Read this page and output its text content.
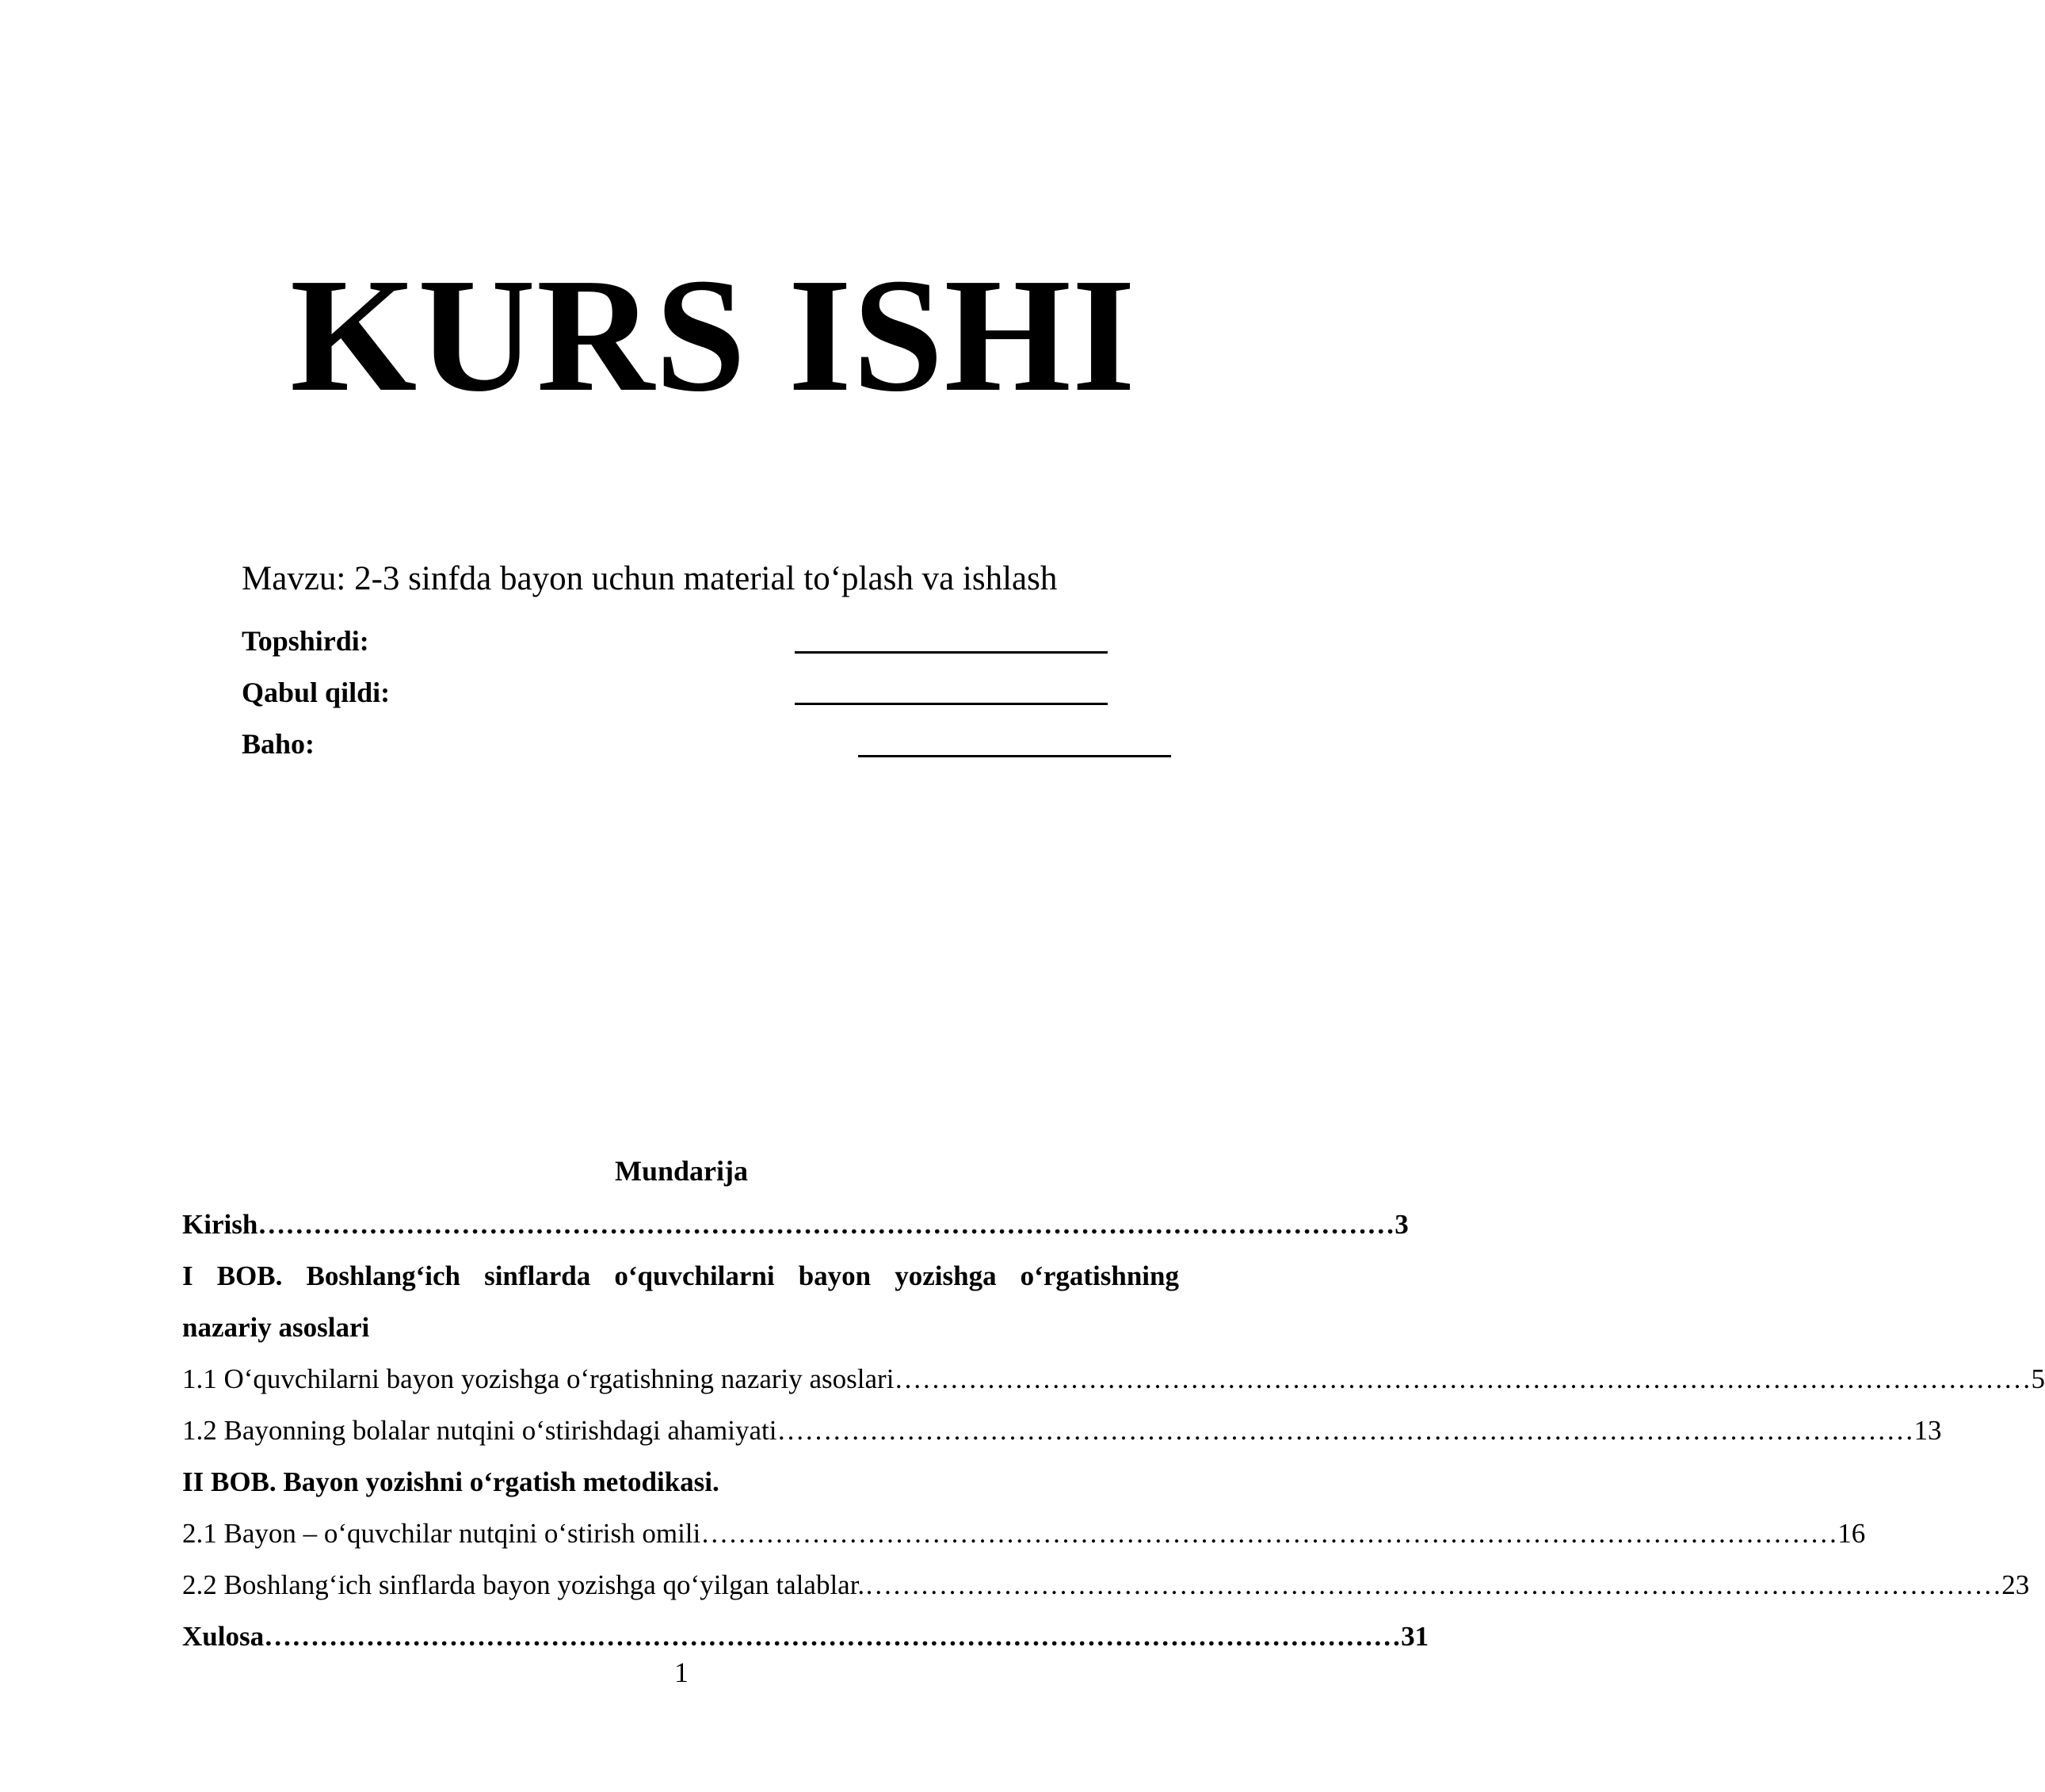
KURS ISHI
Mavzu: 2-3 sinfda bayon uchun material to‘plash va ishlash
Topshirdi:
Qabul qildi:
Baho:
Mundarija
Kirish …………………………………………………………………………………………………………… 3
I BOB. Boshlang‘ich sinflarda o‘quvchilarni bayon yozishga o‘rgatishning
nazariy asoslari
1.1 O‘quvchilarni bayon yozishga o‘rgatishning nazariy asoslari …………………………………………………………………………………………………………… 5
1.2 Bayonning bolalar nutqini o‘stirishdagi ahamiyati …………………………………………………………………………………………………………… 13
II BOB. Bayon yozishni o‘rgatish metodikasi.
2.1 Bayon – o‘quvchilar nutqini o‘stirish omili …………………………………………………………………………………………………………… 16
2.2 Boshlang‘ich sinflarda bayon yozishga qo‘yilgan talablar. …………………………………………………………………………………………………………… 23
Xulosa …………………………………………………………………………………………………………… 31
1
